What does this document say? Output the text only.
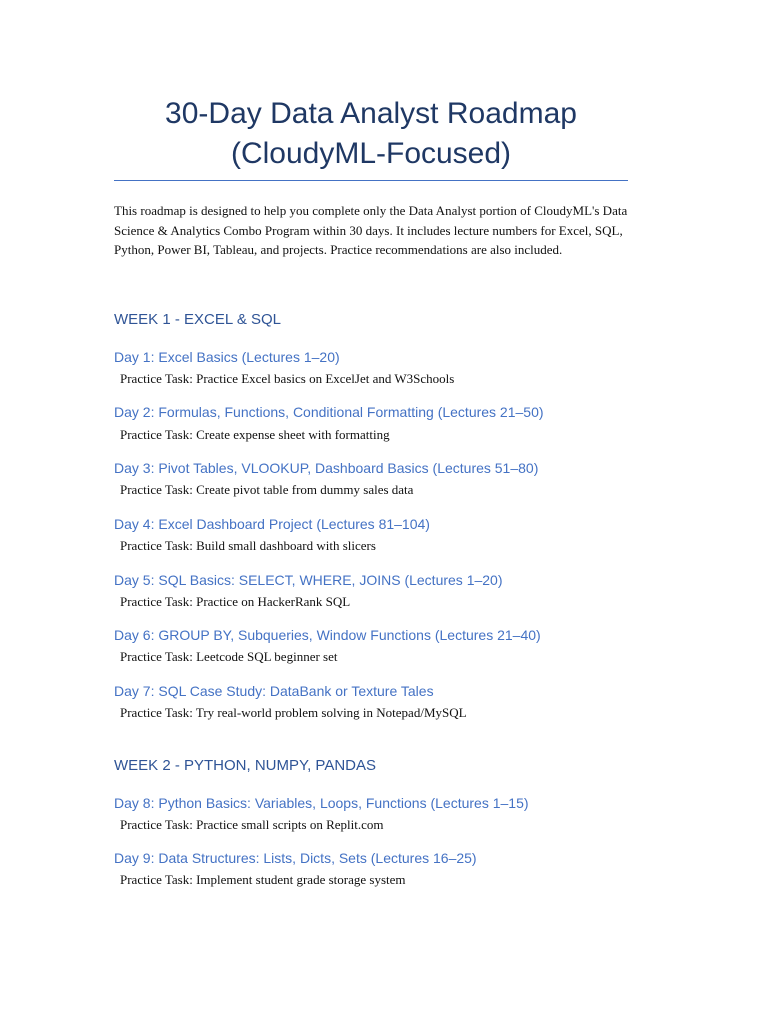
30-Day Data Analyst Roadmap
(CloudyML-Focused)

This roadmap is designed to help you complete only the Data Analyst portion of CloudyML's Data Science & Analytics Combo Program within 30 days. It includes lecture numbers for Excel, SQL, Python, Power BI, Tableau, and projects. Practice recommendations are also included.

WEEK 1 - EXCEL & SQL
Day 1: Excel Basics (Lectures 1–20)

Practice Task: Practice Excel basics on ExcelJet and W3Schools

Day 2: Formulas, Functions, Conditional Formatting (Lectures 21–50)

Practice Task: Create expense sheet with formatting

Day 3: Pivot Tables, VLOOKUP, Dashboard Basics (Lectures 51–80)

Practice Task: Create pivot table from dummy sales data

Day 4: Excel Dashboard Project (Lectures 81–104)

Practice Task: Build small dashboard with slicers

Day 5: SQL Basics: SELECT, WHERE, JOINS (Lectures 1–20)

Practice Task: Practice on HackerRank SQL

Day 6: GROUP BY, Subqueries, Window Functions (Lectures 21–40)

Practice Task: Leetcode SQL beginner set

Day 7: SQL Case Study: DataBank or Texture Tales

Practice Task: Try real-world problem solving in Notepad/MySQL

WEEK 2 - PYTHON, NUMPY, PANDAS
Day 8: Python Basics: Variables, Loops, Functions (Lectures 1–15)

Practice Task: Practice small scripts on Replit.com

Day 9: Data Structures: Lists, Dicts, Sets (Lectures 16–25)

Practice Task: Implement student grade storage system
